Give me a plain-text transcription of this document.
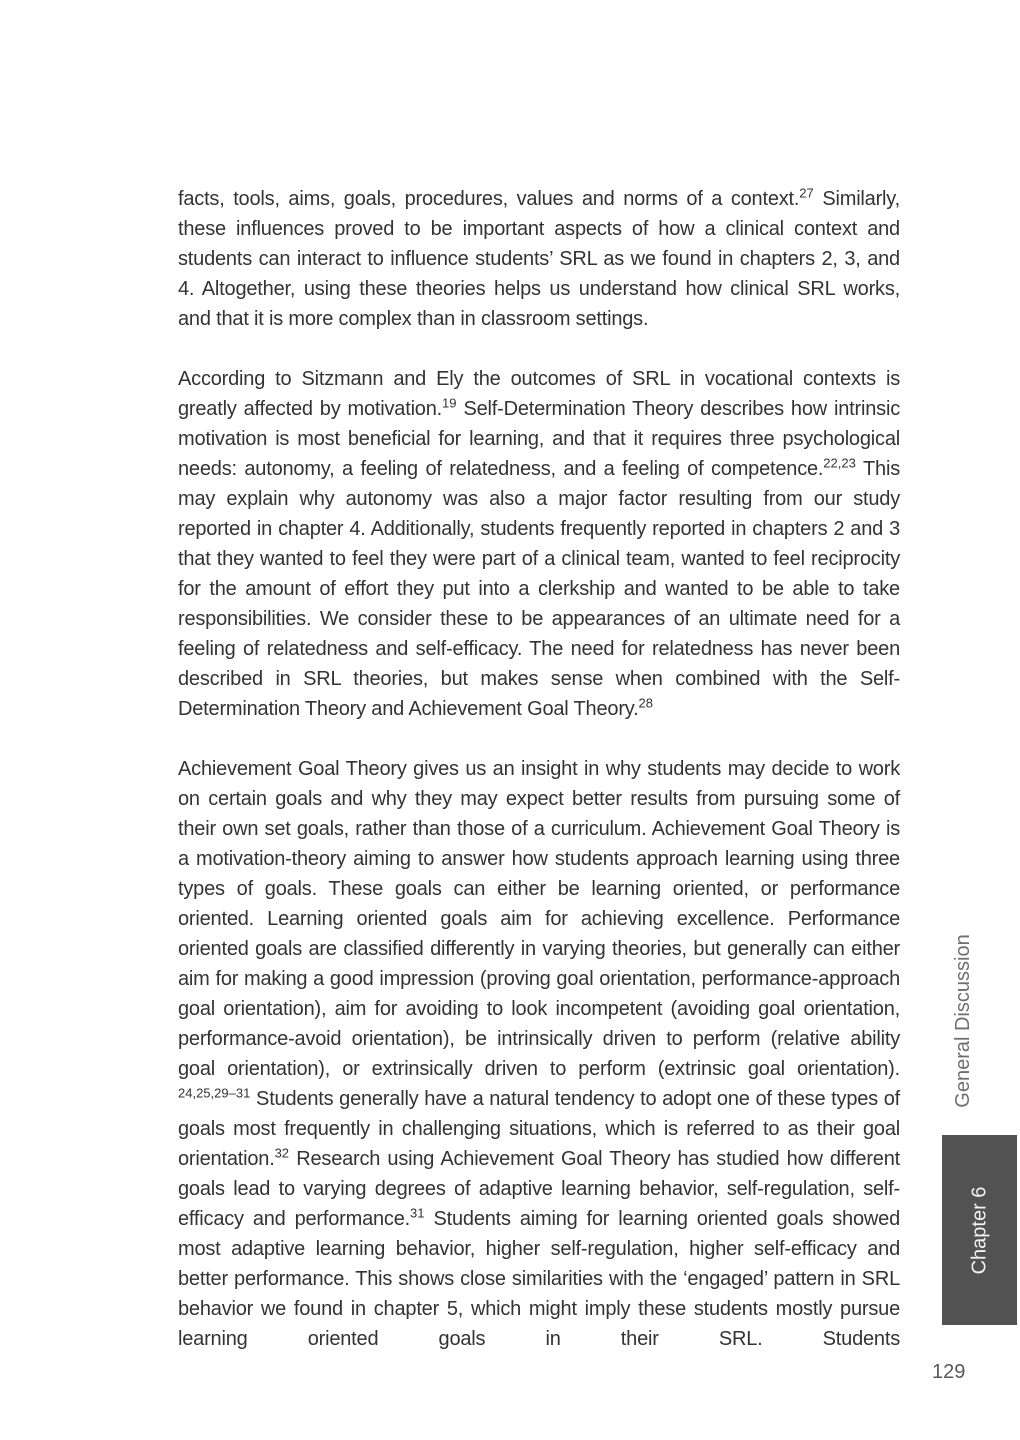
facts, tools, aims, goals, procedures, values and norms of a context.$^{27}$ Similarly, these influences proved to be important aspects of how a clinical context and students can interact to influence students’ SRL as we found in chapters 2, 3, and 4. Altogether, using these theories helps us understand how clinical SRL works, and that it is more complex than in classroom settings.

According to Sitzmann and Ely the outcomes of SRL in vocational contexts is greatly affected by motivation.$^{19}$ Self-Determination Theory describes how intrinsic motivation is most beneficial for learning, and that it requires three psychological needs: autonomy, a feeling of relatedness, and a feeling of competence.$^{22,23}$ This may explain why autonomy was also a major factor resulting from our study reported in chapter 4. Additionally, students frequently reported in chapters 2 and 3 that they wanted to feel they were part of a clinical team, wanted to feel reciprocity for the amount of effort they put into a clerkship and wanted to be able to take responsibilities. We consider these to be appearances of an ultimate need for a feeling of relatedness and self-efficacy. The need for relatedness has never been described in SRL theories, but makes sense when combined with the Self-Determination Theory and Achievement Goal Theory.$^{28}$

Achievement Goal Theory gives us an insight in why students may decide to work on certain goals and why they may expect better results from pursuing some of their own set goals, rather than those of a curriculum. Achievement Goal Theory is a motivation-theory aiming to answer how students approach learning using three types of goals. These goals can either be learning oriented, or performance oriented. Learning oriented goals aim for achieving excellence. Performance oriented goals are classified differently in varying theories, but generally can either aim for making a good impression (proving goal orientation, performance-approach goal orientation), aim for avoiding to look incompetent (avoiding goal orientation, performance-avoid orientation), be intrinsically driven to perform (relative ability goal orientation), or extrinsically driven to perform (extrinsic goal orientation). $^{24,25,29-31}$ Students generally have a natural tendency to adopt one of these types of goals most frequently in challenging situations, which is referred to as their goal orientation.$^{32}$ Research using Achievement Goal Theory has studied how different goals lead to varying degrees of adaptive learning behavior, self-regulation, self-efficacy and performance.$^{31}$ Students aiming for learning oriented goals showed most adaptive learning behavior, higher self-regulation, higher self-efficacy and better performance. This shows close similarities with the ‘engaged’ pattern in SRL behavior we found in chapter 5, which might imply these students mostly pursue learning oriented goals in their SRL. Students

General Discussion
Chapter 6
129
